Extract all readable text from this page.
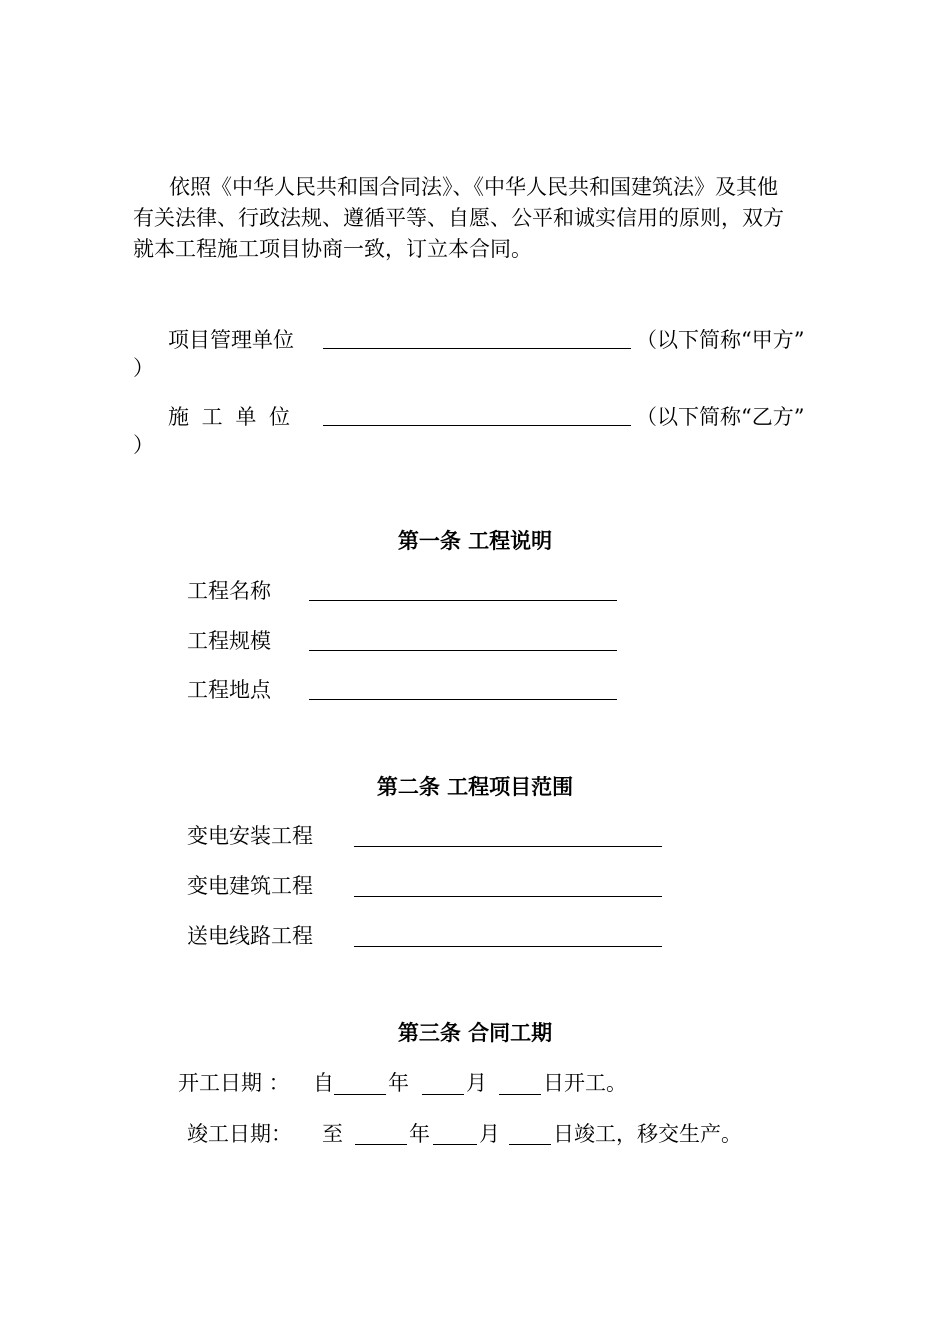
依照《中华人民共和国合同法》、《中华人民共和国建筑法》及其他

有关法律、行政法规、遵循平等、自愿、公平和诚实信用的原则，双方

就本工程施工项目协商一致，订立本合同。

项目管理单位	（以下简称“甲方”
）
施 工 单 位	（以下简称“乙方”
）
第一条 工程说明
工程名称
工程规模
工程地点
第二条 工程项目范围
变电安装工程
变电建筑工程
送电线路工程
第三条 合同工期
开工日期 ： 自	年	月	日开工。
竣工日期： 至	年 月	日竣工，移交生产。
